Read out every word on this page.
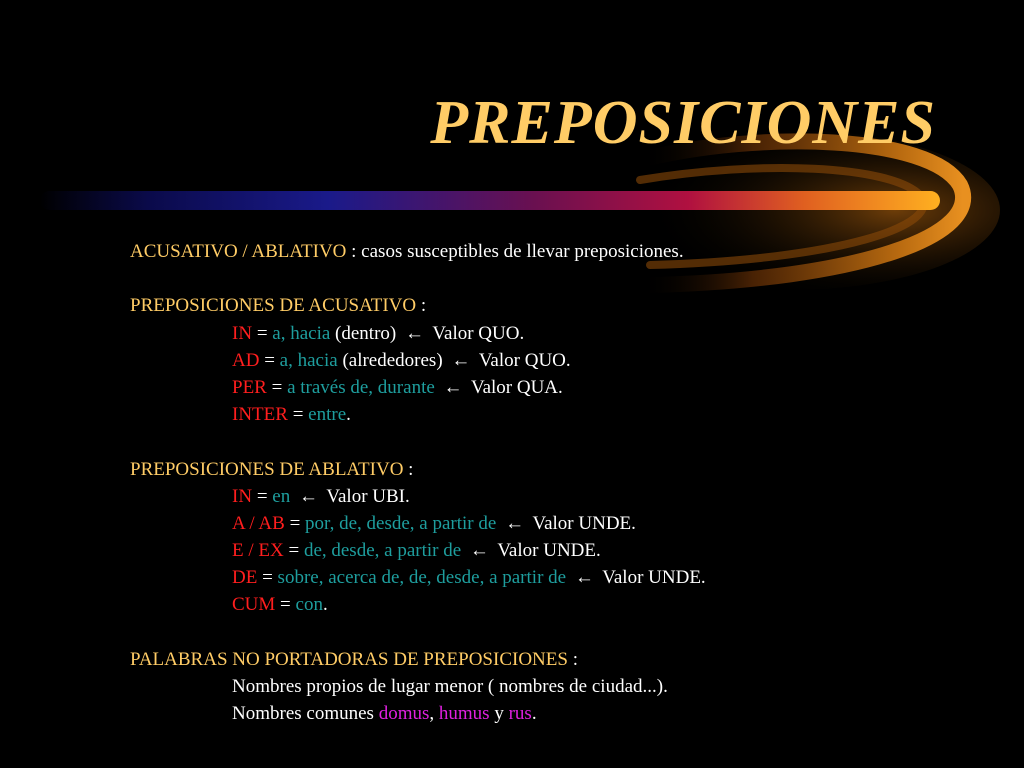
PREPOSICIONES
ACUSATIVO / ABLATIVO : casos susceptibles de llevar preposiciones.
PREPOSICIONES DE ACUSATIVO :
IN = a, hacia (dentro) ← Valor QUO.
AD = a, hacia (alrededores) ← Valor QUO.
PER = a través de, durante ← Valor QUA.
INTER = entre.
PREPOSICIONES DE ABLATIVO :
IN = en ← Valor UBI.
A / AB = por, de, desde, a partir de ← Valor UNDE.
E / EX = de, desde, a partir de ← Valor UNDE.
DE = sobre, acerca de, de, desde, a partir de ← Valor UNDE.
CUM = con.
PALABRAS NO PORTADORAS DE PREPOSICIONES :
Nombres propios de lugar menor ( nombres de ciudad...).
Nombres comunes domus, humus y rus.
